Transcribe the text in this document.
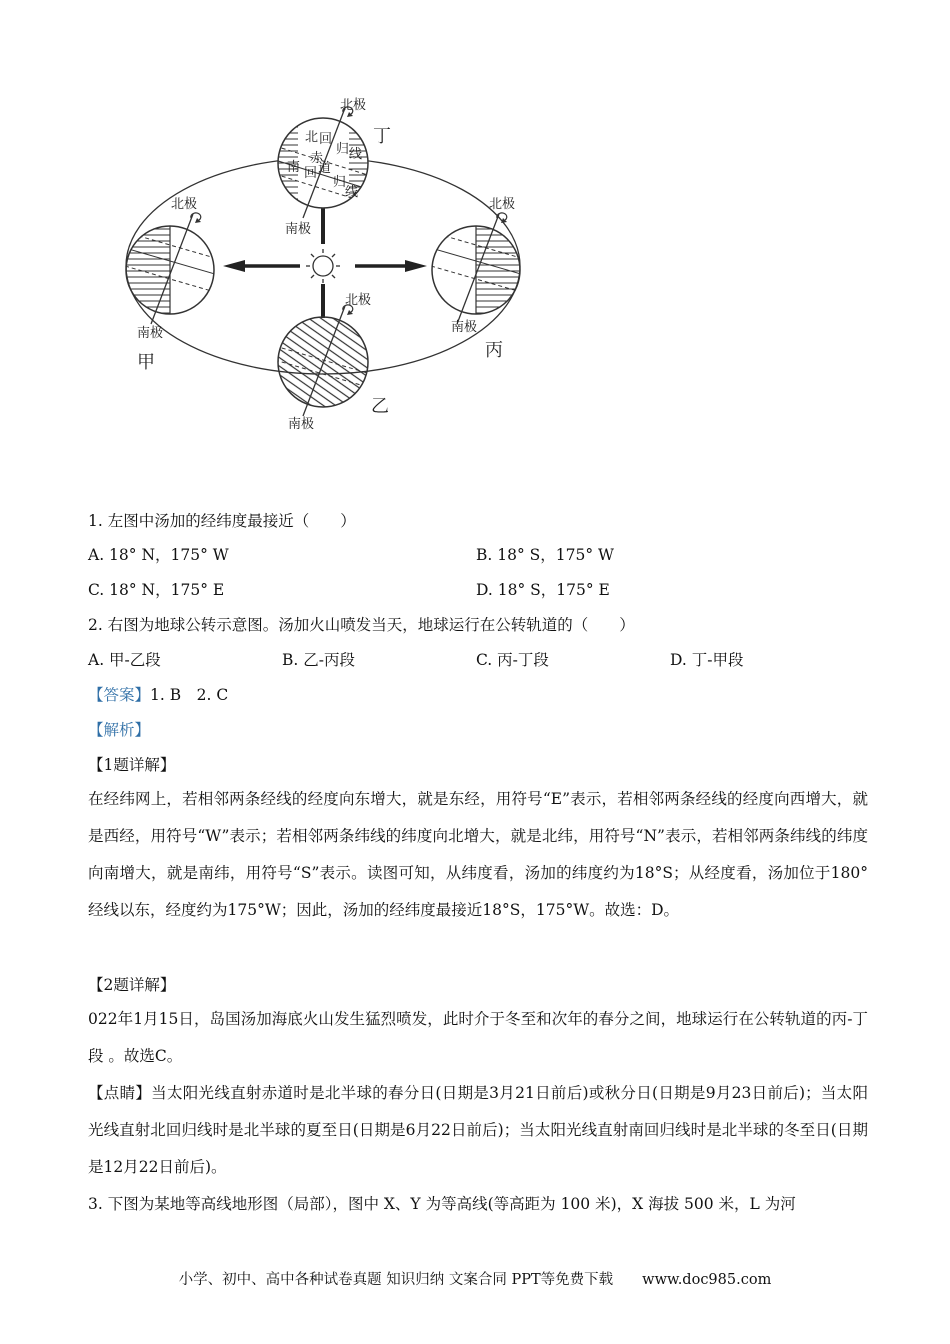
北极
南极
甲
北极
南极
丙
北极
南极
丁
北 回
归 线
赤
道
南 回
归
线
北极
南极
乙
1. 左图中汤加的经纬度最接近（　　）
A. 18° N，175° W	B. 18° S，175° W
C. 18° N，175° E	D. 18° S，175° E
2. 右图为地球公转示意图。汤加火山喷发当天，地球运行在公转轨道的（　　）
A. 甲-乙段	B. 乙-丙段	C. 丙-丁段	D. 丁-甲段
【答案】1. B　2. C
【解析】
【1题详解】
在经纬网上，若相邻两条经线的经度向东增大，就是东经，用符号“E”表示，若相邻两条经线的经度向西增大，就是西经，用符号“W”表示；若相邻两条纬线的纬度向北增大，就是北纬，用符号“N”表示，若相邻两条纬线的纬度向南增大，就是南纬，用符号“S”表示。读图可知，从纬度看，汤加的纬度约为18°S；从经度看，汤加位于180°经线以东，经度约为175°W；因此，汤加的经纬度最接近18°S，175°W。故选：D。
【2题详解】
022年1月15日，岛国汤加海底火山发生猛烈喷发，此时介于冬至和次年的春分之间，地球运行在公转轨道的丙-丁段 。故选C。
【点睛】当太阳光线直射赤道时是北半球的春分日(日期是3月21日前后)或秋分日(日期是9月23日前后)；当太阳光线直射北回归线时是北半球的夏至日(日期是6月22日前后)；当太阳光线直射南回归线时是北半球的冬至日(日期是12月22日前后)。
3. 下图为某地等高线地形图（局部），图中 X、Y 为等高线(等高距为 100 米)，X 海拔 500 米，L 为河
小学、初中、高中各种试卷真题 知识归纳 文案合同 PPT等免费下载　　www.doc985.com
